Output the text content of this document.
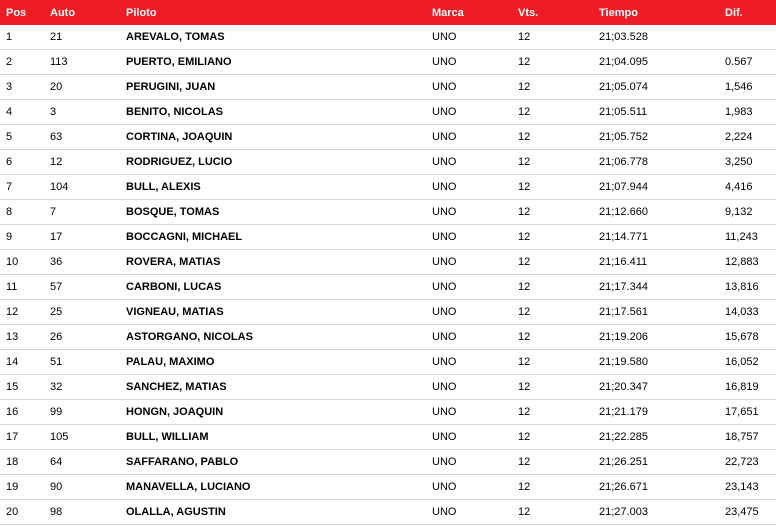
Pos	Auto	Piloto	Marca	Vts.	Tiempo	Dif.
1	21	AREVALO, TOMAS	UNO	12	21;03.528	
2	113	PUERTO, EMILIANO	UNO	12	21;04.095	0.567
3	20	PERUGINI, JUAN	UNO	12	21;05.074	1,546
4	3	BENITO, NICOLAS	UNO	12	21;05.511	1,983
5	63	CORTINA, JOAQUIN	UNO	12	21;05.752	2,224
6	12	RODRIGUEZ, LUCIO	UNO	12	21;06.778	3,250
7	104	BULL, ALEXIS	UNO	12	21;07.944	4,416
8	7	BOSQUE, TOMAS	UNO	12	21;12.660	9,132
9	17	BOCCAGNI, MICHAEL	UNO	12	21;14.771	11,243
10	36	ROVERA, MATIAS	UNO	12	21;16.411	12,883
11	57	CARBONI, LUCAS	UNO	12	21;17.344	13,816
12	25	VIGNEAU, MATIAS	UNO	12	21;17.561	14,033
13	26	ASTORGANO, NICOLAS	UNO	12	21;19.206	15,678
14	51	PALAU, MAXIMO	UNO	12	21;19.580	16,052
15	32	SANCHEZ, MATIAS	UNO	12	21;20.347	16,819
16	99	HONGN, JOAQUIN	UNO	12	21;21.179	17,651
17	105	BULL, WILLIAM	UNO	12	21;22.285	18,757
18	64	SAFFARANO, PABLO	UNO	12	21;26.251	22,723
19	90	MANAVELLA, LUCIANO	UNO	12	21;26.671	23,143
20	98	OLALLA, AGUSTIN	UNO	12	21;27.003	23,475
